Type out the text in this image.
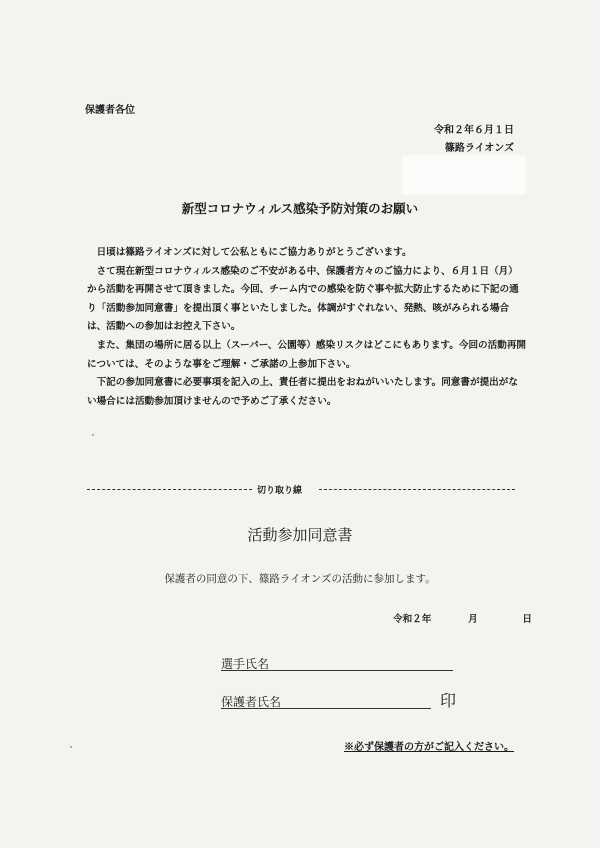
保護者各位
令和２年６月１日
篠路ライオンズ
新型コロナウィルス感染予防対策のお願い

　日頃は篠路ライオンズに対して公私ともにご協力ありがとうございます。

　さて現在新型コロナウィルス感染のご不安がある中、保護者方々のご協力により、６月１日（月）から活動を再開させて頂きました。今回、チーム内での感染を防ぐ事や拡大防止するために下記の通り「活動参加同意書」を提出頂く事といたしました。体調がすぐれない、発熱、咳がみられる場合は、活動への参加はお控え下さい。

　また、集団の場所に居る以上（スーパー、公園等）感染リスクはどこにもあります。今回の活動再開については、そのような事をご理解・ご承諾の上参加下さい。

　下記の参加同意書に必要事項を記入の上、責任者に提出をおねがいいたします。同意書が提出がない場合には活動参加頂けませんので予めご了承ください。

切り取り線
活動参加同意書
保護者の同意の下、篠路ライオンズの活動に参加します。
令和２年	月	日
選手氏名
保護者氏名	印
※必ず保護者の方がご記入ください。
